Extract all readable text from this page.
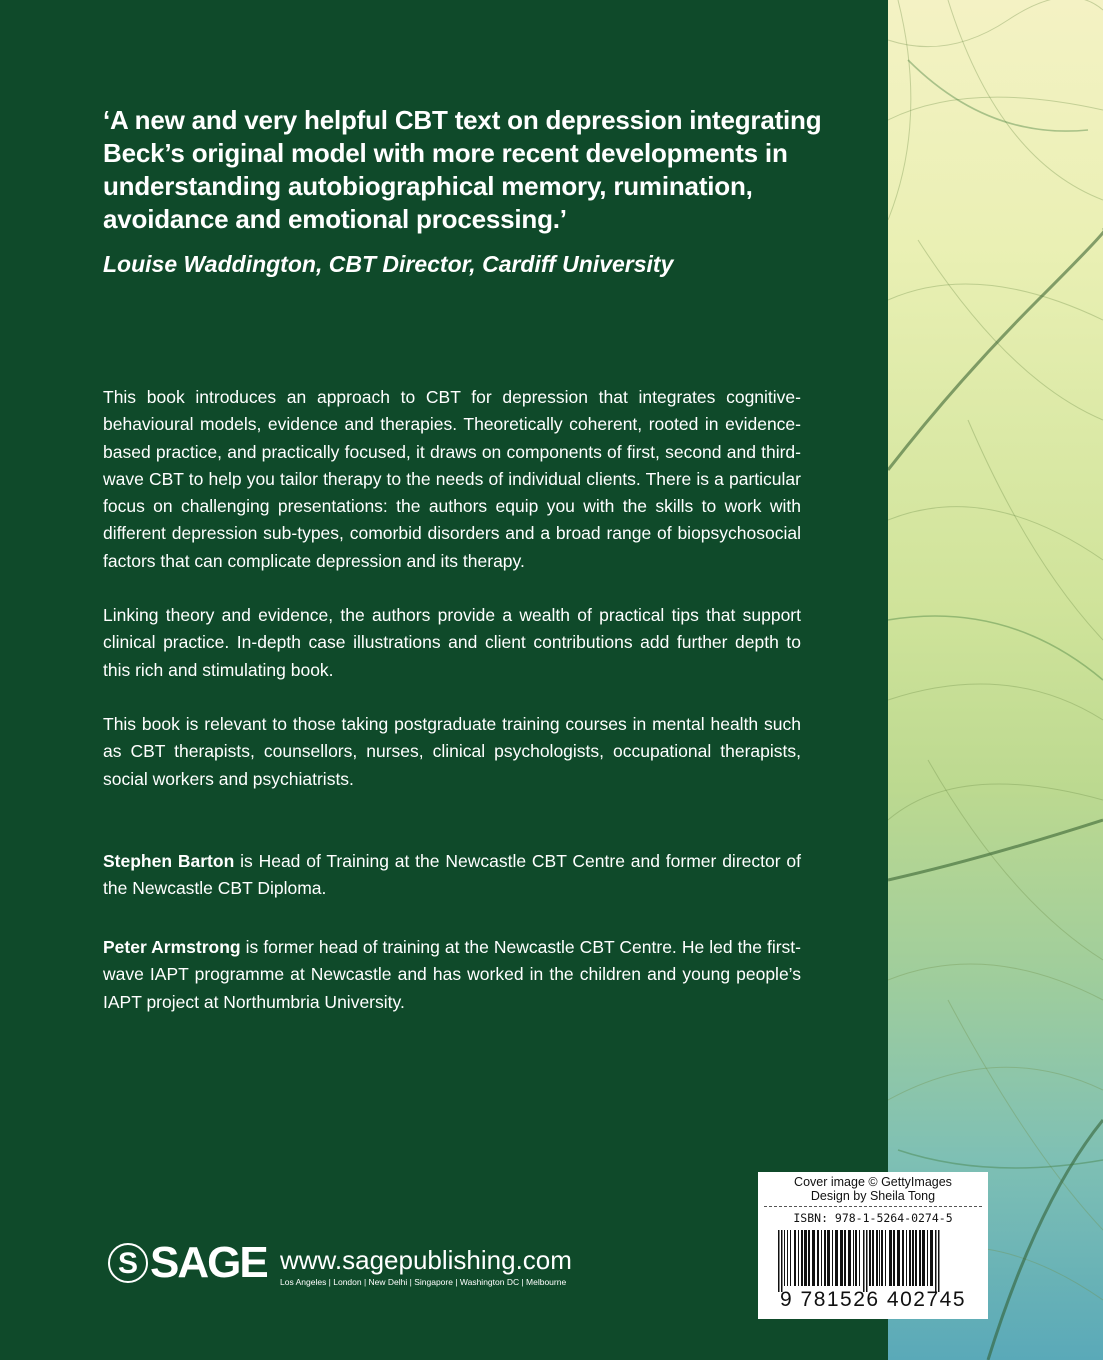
‘A new and very helpful CBT text on depression integrating Beck’s original model with more recent developments in understanding autobiographical memory, rumination, avoidance and emotional processing.’
Louise Waddington, CBT Director, Cardiff University
This book introduces an approach to CBT for depression that integrates cognitive-behavioural models, evidence and therapies. Theoretically coherent, rooted in evidence-based practice, and practically focused, it draws on components of first, second and third-wave CBT to help you tailor therapy to the needs of individual clients. There is a particular focus on challenging presentations: the authors equip you with the skills to work with different depression sub-types, comorbid disorders and a broad range of biopsychosocial factors that can complicate depression and its therapy.
Linking theory and evidence, the authors provide a wealth of practical tips that support clinical practice. In-depth case illustrations and client contributions add further depth to this rich and stimulating book.
This book is relevant to those taking postgraduate training courses in mental health such as CBT therapists, counsellors, nurses, clinical psychologists, occupational therapists, social workers and psychiatrists.
Stephen Barton is Head of Training at the Newcastle CBT Centre and former director of the Newcastle CBT Diploma.
Peter Armstrong is former head of training at the Newcastle CBT Centre. He led the first-wave IAPT programme at Newcastle and has worked in the children and young people’s IAPT project at Northumbria University.
S SAGE www.sagepublishing.com
Los Angeles | London | New Delhi | Singapore | Washington DC | Melbourne
Cover image © GettyImages
Design by Sheila Tong
ISBN: 978-1-5264-0274-5
9 781526 402745
